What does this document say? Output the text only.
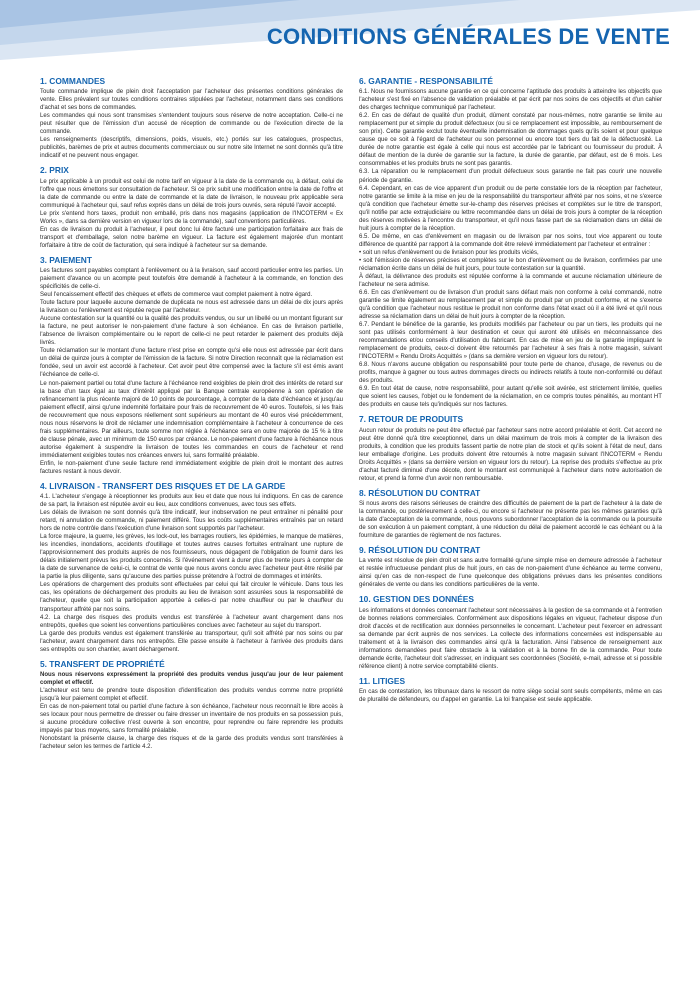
CONDITIONS GÉNÉRALES DE VENTE
1. COMMANDES

Toute commande implique de plein droit l'acceptation par l'acheteur des présentes conditions générales de vente. Elles prévalent sur toutes conditions contraires stipulées par l'acheteur, notamment dans ses conditions d'achat et ses bons de commandes.

Les commandes qui nous sont transmises s'entendent toujours sous réserve de notre acceptation. Celle-ci ne peut résulter que de l'émission d'un accusé de réception de commande ou de l'exécution directe de la commande.

Les renseignements (descriptifs, dimensions, poids, visuels, etc.) portés sur les catalogues, prospectus, publicités, barèmes de prix et autres documents commerciaux ou sur notre site Internet ne sont donnés qu'à titre indicatif et ne peuvent nous engager.

2. PRIX

Le prix applicable à un produit est celui de notre tarif en vigueur à la date de la commande ou, à défaut, celui de l'offre que nous émettons sur consultation de l'acheteur. Si ce prix subit une modification entre la date de l'offre et la date de commande ou entre la date de commande et la date de livraison, le nouveau prix applicable sera communiqué à l'acheteur qui, sauf refus exprès dans un délai de trois jours ouvrés, sera réputé l'avoir accepté.

Le prix s'entend hors taxes, produit non emballé, pris dans nos magasins (application de l'INCOTERM « Ex Works », dans sa dernière version en vigueur lors de la commande), sauf conventions particulières.

En cas de livraison du produit à l'acheteur, il peut donc lui être facturé une participation forfaitaire aux frais de transport et d'emballage, selon notre barème en vigueur. La facture est également majorée d'un montant forfaitaire à titre de coût de facturation, qui sera indiqué à l'acheteur sur sa demande.

3. PAIEMENT

Les factures sont payables comptant à l'enlèvement ou à la livraison, sauf accord particulier entre les parties. Un paiement d'avance ou un acompte peut toutefois être demandé à l'acheteur à la commande, en fonction des spécificités de celle-ci.

Seul l'encaissement effectif des chèques et effets de commerce vaut complet paiement à notre égard.

Toute facture pour laquelle aucune demande de duplicata ne nous est adressée dans un délai de dix jours après la livraison ou l'enlèvement est réputée reçue par l'acheteur.

Aucune contestation sur la quantité ou la qualité des produits vendus, ou sur un libellé ou un montant figurant sur la facture, ne peut autoriser le non-paiement d'une facture à son échéance. En cas de livraison partielle, l'absence de livraison complémentaire ou le report de celle-ci ne peut retarder le paiement des produits déjà livrés.

Toute réclamation sur le montant d'une facture n'est prise en compte qu'si elle nous est adressée par écrit dans un délai de quinze jours à compter de l'émission de la facture. Si notre Direction reconnaît que la réclamation est fondée, seul un avoir est accordé à l'acheteur. Cet avoir peut être compensé avec la facture s'il est émis avant l'échéance de celle-ci.

Le non-paiement partiel ou total d'une facture à l'échéance rend exigibles de plein droit des intérêts de retard sur la base d'un taux égal au taux d'intérêt appliqué par la Banque centrale européenne à son opération de refinancement la plus récente majoré de 10 points de pourcentage, à compter de la date d'échéance et jusqu'au paiement effectif, ainsi qu'une indemnité forfaitaire pour frais de recouvrement de 40 euros. Toutefois, si les frais de recouvrement que nous exposons réellement sont supérieurs au montant de 40 euros visé précédemment, nous nous réservons le droit de réclamer une indemnisation complémentaire à l'acheteur à concurrence de ces frais supplémentaires. Par ailleurs, toute somme non réglée à l'échéance sera en outre majorée de 15 % à titre de clause pénale, avec un minimum de 150 euros par créance. Le non-paiement d'une facture à l'échéance nous autorise également à suspendre la livraison de toutes les commandes en cours de l'acheteur et rend immédiatement exigibles toutes nos créances envers lui, sans formalité préalable.

Enfin, le non-paiement d'une seule facture rend immédiatement exigible de plein droit le montant des autres factures restant à nous devoir.

4. LIVRAISON - TRANSFERT DES RISQUES ET DE LA GARDE

4.1. L'acheteur s'engage à réceptionner les produits aux lieu et date que nous lui indiquons. En cas de carence de sa part, la livraison est réputée avoir eu lieu, aux conditions convenues, avec tous ses effets.

Les délais de livraison ne sont donnés qu'à titre indicatif, leur inobservation ne peut entraîner ni pénalité pour retard, ni annulation de commande, ni paiement différé. Tous les coûts supplémentaires entraînés par un retard hors de notre contrôle dans l'exécution d'une livraison sont supportés par l'acheteur.

La force majeure, la guerre, les grèves, les lock-out, les barrages routiers, les épidémies, le manque de matières, les incendies, inondations, accidents d'outillage et toutes autres causes fortuites entraînant une rupture de l'approvisionnement des produits auprès de nos fournisseurs, nous dégagent de l'obligation de fournir dans les délais initialement prévus les produits concernés. Si l'événement vient à durer plus de trente jours à compter de la date de survenance de celui-ci, le contrat de vente que nous avons conclu avec l'acheteur peut être résilié par la partie la plus diligente, sans qu'aucune des parties puisse prétendre à l'octroi de dommages et intérêts.

Les opérations de chargement des produits sont effectuées par celui qui fait circuler le véhicule. Dans tous les cas, les opérations de déchargement des produits au lieu de livraison sont assurées sous la responsabilité de l'acheteur, quelle que soit la participation apportée à celles-ci par notre chauffeur ou par le chauffeur du transporteur affrété par nos soins.

4.2. La charge des risques des produits vendus est transférée à l'acheteur avant chargement dans nos entrepôts, quelles que soient les conventions particulières conclues avec l'acheteur au sujet du transport.

La garde des produits vendus est également transférée au transporteur, qu'il soit affrété par nos soins ou par l'acheteur, avant chargement dans nos entrepôts. Elle passe ensuite à l'acheteur à l'arrivée des produits dans ses entrepôts ou son chantier, avant déchargement.

5. TRANSFERT DE PROPRIÉTÉ

Nous nous réservons expressément la propriété des produits vendus jusqu'au jour de leur paiement complet et effectif.

L'acheteur est tenu de prendre toute disposition d'identification des produits vendus comme notre propriété jusqu'à leur paiement complet et effectif.

En cas de non-paiement total ou partiel d'une facture à son échéance, l'acheteur nous reconnaît le libre accès à ses locaux pour nous permettre de dresser ou faire dresser un inventaire de nos produits en sa possession puis, si aucune procédure collective n'est ouverte à son encontre, pour reprendre ou faire reprendre les produits impayés par tous moyens, sans formalité préalable.

Nonobstant la présente clause, la charge des risques et de la garde des produits vendus sont transférées à l'acheteur selon les termes de l'article 4.2.

6. GARANTIE - RESPONSABILITÉ

6.1. Nous ne fournissons aucune garantie en ce qui concerne l'aptitude des produits à atteindre les objectifs que l'acheteur s'est fixé en l'absence de validation préalable et par écrit par nos soins de ces objectifs et d'un cahier des charges technique communiqué par l'acheteur.

6.2. En cas de défaut de qualité d'un produit, dûment constaté par nous-mêmes, notre garantie se limite au remplacement pur et simple du produit défectueux (ou si ce remplacement est impossible, au remboursement de son prix). Cette garantie exclut toute éventuelle indemnisation de dommages quels qu'ils soient et pour quelque cause que ce soit à l'égard de l'acheteur ou son personnel ou encore tout tiers du fait de la défectuosité. La durée de notre garantie est égale à celle qui nous est accordée par le fabricant ou fournisseur du produit. À défaut de mention de la durée de garantie sur la facture, la durée de garantie, par défaut, est de 6 mois. Les consommables et les produits bruts ne sont pas garantis.

6.3. La réparation ou le remplacement d'un produit défectueux sous garantie ne fait pas courir une nouvelle période de garantie.

6.4. Cependant, en cas de vice apparent d'un produit ou de perte constatée lors de la réception par l'acheteur, notre garantie se limite à la mise en jeu de la responsabilité du transporteur affrété par nos soins, et ne s'exerce qu'à condition que l'acheteur émette sur-le-champ des réserves précises et complètes sur le titre de transport, qu'il notifie par acte extrajudiciaire ou lettre recommandée dans un délai de trois jours à compter de la réception des réserves motivées à l'encontre du transporteur, et qu'il nous fasse part de sa réclamation dans un délai de huit jours à compter de la réception.

6.5. De même, en cas d'enlèvement en magasin ou de livraison par nos soins, tout vice apparent ou toute différence de quantité par rapport à la commande doit être relevé immédiatement par l'acheteur et entraîner :

• soit un refus d'enlèvement ou de livraison pour les produits viciés,

• soit l'émission de réserves précises et complètes sur le bon d'enlèvement ou de livraison, confirmées par une réclamation écrite dans un délai de huit jours, pour toute contestation sur la quantité.

À défaut, la délivrance des produits est réputée conforme à la commande et aucune réclamation ultérieure de l'acheteur ne sera admise.

6.6. En cas d'enlèvement ou de livraison d'un produit sans défaut mais non conforme à celui commandé, notre garantie se limite également au remplacement par et simple du produit par un produit conforme, et ne s'exerce qu'à condition que l'acheteur nous restitue le produit non conforme dans l'état exact où il a été livré et qu'il nous adresse sa réclamation dans un délai de huit jours à compter de la réception.

6.7. Pendant le bénéfice de la garantie, les produits modifiés par l'acheteur ou par un tiers, les produits qui ne sont pas utilisés conformément à leur destination et ceux qui auront été utilisés en méconnaissance des recommandations et/ou conseils d'utilisation du fabricant. En cas de mise en jeu de la garantie impliquant le remplacement de produits, ceux-ci doivent être retournés par l'acheteur à ses frais à notre magasin, suivant l'INCOTERM « Rendu Droits Acquittés » (dans sa dernière version en vigueur lors du retour).

6.8. Nous n'avons aucune obligation ou responsabilité pour toute perte de chance, d'usage, de revenus ou de profits, manque à gagner ou tous autres dommages directs ou indirects relatifs à toute non-conformité ou défaut des produits.

6.9. En tout état de cause, notre responsabilité, pour autant qu'elle soit avérée, est strictement limitée, quelles que soient les causes, l'objet ou le fondement de la réclamation, en ce compris toutes pénalités, au montant HT des produits en cause tels qu'indiqués sur nos factures.

7. RETOUR DE PRODUITS

Aucun retour de produits ne peut être effectué par l'acheteur sans notre accord préalable et écrit. Cet accord ne peut être donné qu'à titre exceptionnel, dans un délai maximum de trois mois à compter de la livraison des produits, à condition que les produits fassent partie de notre plan de stock et qu'ils soient à l'état de neuf, dans leur emballage d'origine. Les produits doivent être retournés à notre magasin suivant l'INCOTERM « Rendu Droits Acquittés » (dans sa dernière version en vigueur lors du retour). La reprise des produits s'effectue au prix d'achat facturé diminué d'une décote, dont le montant est communiqué à l'acheteur dans notre autorisation de retour, et prend la forme d'un avoir non remboursable.

8. RÉSOLUTION DU CONTRAT

Si nous avons des raisons sérieuses de craindre des difficultés de paiement de la part de l'acheteur à la date de la commande, ou postérieurement à celle-ci, ou encore si l'acheteur ne présente pas les mêmes garanties qu'à la date d'acceptation de la commande, nous pouvons subordonner l'acceptation de la commande ou la poursuite de son exécution à un paiement comptant, à une réduction du délai de paiement accordé le cas échéant ou à la fourniture de garanties de règlement de nos factures.

9. RÉSOLUTION DU CONTRAT

La vente est résolue de plein droit et sans autre formalité qu'une simple mise en demeure adressée à l'acheteur et restée infructueuse pendant plus de huit jours, en cas de non-paiement d'une échéance au terme convenu, ainsi qu'en cas de non-respect de l'une quelconque des obligations prévues dans les présentes conditions générales de vente ou dans les conditions particulières de la vente.

10. GESTION DES DONNÉES

Les informations et données concernant l'acheteur sont nécessaires à la gestion de sa commande et à l'entretien de bonnes relations commerciales. Conformément aux dispositions légales en vigueur, l'acheteur dispose d'un droit d'accès et de rectification aux données personnelles le concernant. L'acheteur peut l'exercer en adressant sa demande par écrit auprès de nos services. La collecte des informations concernées est indispensable au traitement et à la livraison des commandes ainsi qu'à la facturation. Ainsi l'absence de renseignement aux informations demandées peut faire obstacle à la validation et à la bonne fin de la commande. Pour toute demande écrite, l'acheteur doit s'adresser, en indiquant ses coordonnées (Société, e-mail, adresse et si possible référence client) à notre service comptabilité clients.

11. LITIGES

En cas de contestation, les tribunaux dans le ressort de notre siège social sont seuls compétents, même en cas de pluralité de défendeurs, ou d'appel en garantie. La loi française est seule applicable.
